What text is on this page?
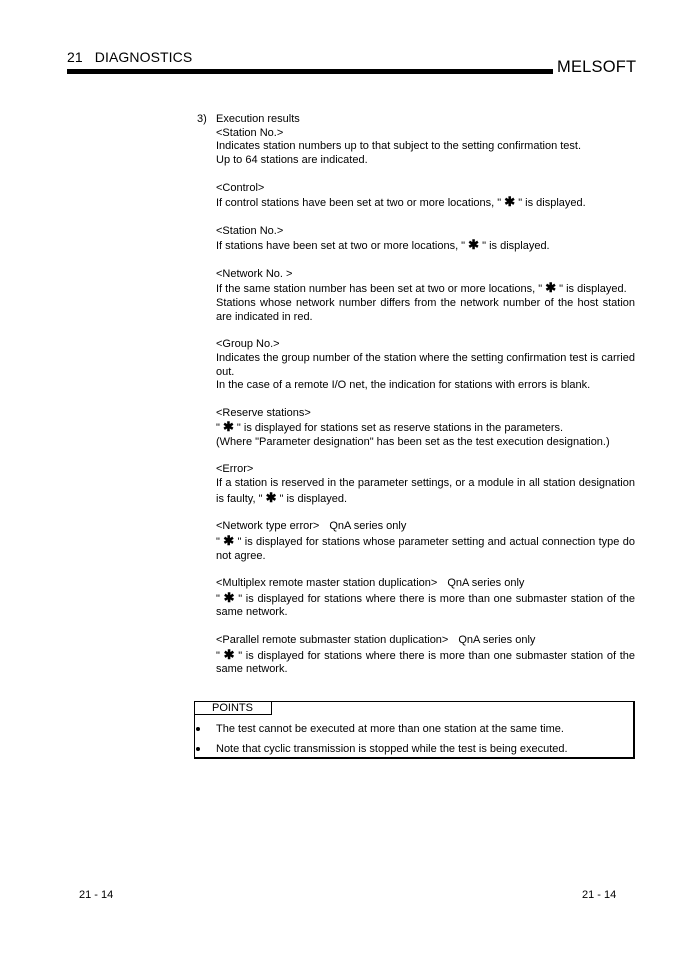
21 DIAGNOSTICS
MELSOFT
3) Execution results
<Station No.>
Indicates station numbers up to that subject to the setting confirmation test.
Up to 64 stations are indicated.
<Control>
If control stations have been set at two or more locations, " ✱ " is displayed.
<Station No.>
If stations have been set at two or more locations, " ✱ " is displayed.
<Network No. >
If the same station number has been set at two or more locations, " ✱ " is displayed.
Stations whose network number differs from the network number of the host station are indicated in red.
<Group No.>
Indicates the group number of the station where the setting confirmation test is carried out.
In the case of a remote I/O net, the indication for stations with errors is blank.
<Reserve stations>
" ✱ " is displayed for stations set as reserve stations in the parameters.
(Where "Parameter designation" has been set as the test execution designation.)
<Error>
If a station is reserved in the parameter settings, or a module in all station designation is faulty, " ✱ " is displayed.
<Network type error> QnA series only
" ✱ " is displayed for stations whose parameter setting and actual connection type do not agree.
<Multiplex remote master station duplication> QnA series only
" ✱ " is displayed for stations where there is more than one submaster station of the same network.
<Parallel remote submaster station duplication> QnA series only
" ✱ " is displayed for stations where there is more than one submaster station of the same network.
POINTS
The test cannot be executed at more than one station at the same time.
Note that cyclic transmission is stopped while the test is being executed.
21 - 14	21 - 14
